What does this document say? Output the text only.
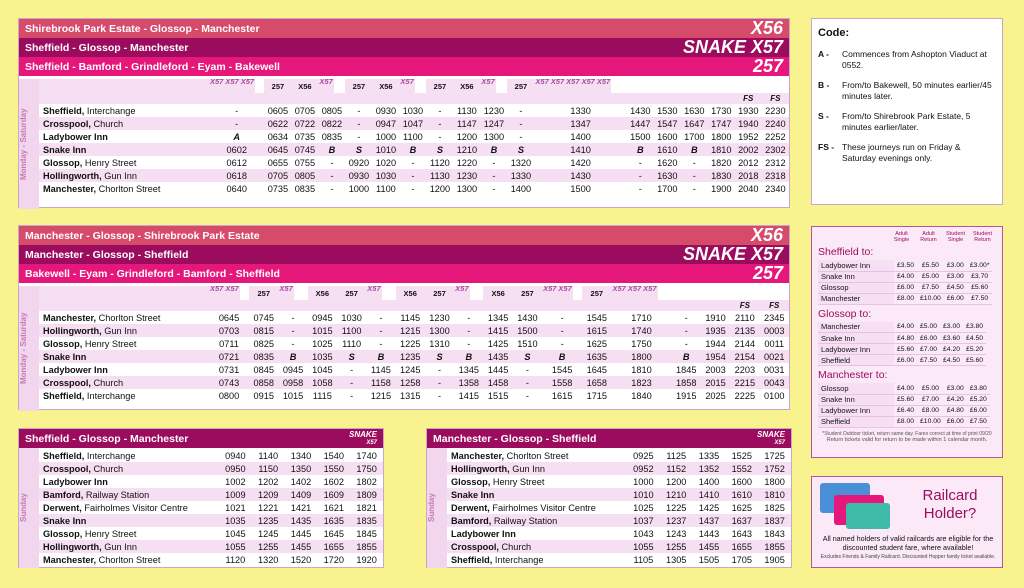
Shirebrook Park Estate - Glossop - Manchester	X56
Sheffield - Glossop - Manchester	SNAKE X57
Sheffield - Bamford - Grindleford - Eyam - Bakewell	257
Monday - Saturday
	X57 X57 X57 257	X56	X57	257	X56	X57	257	X56	X57	257	X57 X57 X57 X57 X57
																	FS	FS
Sheffield, Interchange	-	0605	0705	0805	-	0930	1030	-	1130	1230	-	1330	1430	1530	1630	1730	1930	2230
Crosspool, Church	-	0622	0722	0822	-	0947	1047	-	1147	1247	-	1347	1447	1547	1647	1747	1940	2240
Ladybower Inn	A	0634	0735	0835	-	1000	1100	-	1200	1300	-	1400	1500	1600	1700	1800	1952	2252
Snake Inn	0602	0645	0745	B	S	1010	B	S	1210	B	S	1410	B	1610	B	1810	2002	2302
Glossop, Henry Street	0612	0655	0755	-	0920	1020	-	1120	1220	-	1320	1420	-	1620	-	1820	2012	2312
Hollingworth, Gun Inn	0618	0705	0805	-	0930	1030	-	1130	1230	-	1330	1430	-	1630	-	1830	2018	2318
Manchester, Chorlton Street	0640	0735	0835	-	1000	1100	-	1200	1300	-	1400	1500	-	1700	-	1900	2040	2340
Manchester - Glossop - Shirebrook Park Estate	X56
Manchester - Glossop - Sheffield	SNAKE X57
Bakewell - Eyam - Grindleford - Bamford - Sheffield	257
Monday - Saturday
	X57 X57	257	X57	X56	257	X57	X56	257	X57	X56	257	X57 X57	257	X57 X57 X57
																	FS	FS
Manchester, Chorlton Street	0645	0745	-	0945	1030	-	1145	1230	-	1345	1430	-	1545	1710	-	1910	2110	2345
Hollingworth, Gun Inn	0703	0815	-	1015	1100	-	1215	1300	-	1415	1500	-	1615	1740	-	1935	2135	0003
Glossop, Henry Street	0711	0825	-	1025	1110	-	1225	1310	-	1425	1510	-	1625	1750	-	1944	2144	0011
Snake Inn	0721	0835	B	1035	S	B	1235	S	B	1435	S	B	1635	1800	B	1954	2154	0021
Ladybower Inn	0731	0845	0945	1045	-	1145	1245	-	1345	1445	-	1545	1645	1810	1845	2003	2203	0031
Crosspool, Church	0743	0858	0958	1058	-	1158	1258	-	1358	1458	-	1558	1658	1823	1858	2015	2215	0043
Sheffield, Interchange	0800	0915	1015	1115	-	1215	1315	-	1415	1515	-	1615	1715	1840	1915	2025	2225	0100
Sheffield - Glossop - Manchester	SNAKE
X57
Sunday
Sheffield, Interchange	0940	1140	1340	1540	1740
Crosspool, Church	0950	1150	1350	1550	1750
Ladybower Inn	1002	1202	1402	1602	1802
Bamford, Railway Station	1009	1209	1409	1609	1809
Derwent, Fairholmes Visitor Centre	1021	1221	1421	1621	1821
Snake Inn	1035	1235	1435	1635	1835
Glossop, Henry Street	1045	1245	1445	1645	1845
Hollingworth, Gun Inn	1055	1255	1455	1655	1855
Manchester, Chorlton Street	1120	1320	1520	1720	1920
Manchester - Glossop - Sheffield	SNAKE
X57
Sunday
Manchester, Chorlton Street	0925	1125	1335	1525	1725
Hollingworth, Gun Inn	0952	1152	1352	1552	1752
Glossop, Henry Street	1000	1200	1400	1600	1800
Snake Inn	1010	1210	1410	1610	1810
Derwent, Fairholmes Visitor Centre	1025	1225	1425	1625	1825
Bamford, Railway Station	1037	1237	1437	1637	1837
Ladybower Inn	1043	1243	1443	1643	1843
Crosspool, Church	1055	1255	1455	1655	1855
Sheffield, Interchange	1105	1305	1505	1705	1905
Code:
A -	Commences from Ashopton Viaduct at 0552.
B -	From/to Bakewell, 50 minutes earlier/45 minutes later.
S -	From/to Shirebrook Park Estate, 5 minutes earlier/later.
FS - These journeys run on Friday & Saturday evenings only.
Adult Single
Adult Return
Student Single
Student Return
Sheffield to:
Ladybower Inn	£3.50	£5.50	£3.00	£3.00*
Snake Inn	£4.00	£5.00	£3.00	£3.70
Glossop	£6.00	£7.50	£4.50	£5.60
Manchester	£8.00	£10.00	£6.00	£7.50
Glossop to:
Manchester	£4.00	£5.00	£3.00	£3.80
Snake Inn	£4.80	£6.00	£3.60	£4.50
Ladybower Inn	£5.60	£7.00	£4.20	£5.20
Sheffield	£6.00	£7.50	£4.50	£5.60
Manchester to:
Glossop	£4.00	£5.00	£3.00	£3.80
Snake Inn	£5.60	£7.00	£4.20	£5.20
Ladybower Inn	£6.40	£8.00	£4.80	£6.00
Sheffield	£8.00	£10.00	£6.00	£7.50
*Student Outdoor ticket, return same day. Fares correct at time of print 09/20
Return tickets valid for return to be made within 1 calendar month.
Railcard Holder?
All named holders of valid railcards are eligible for the discounted student fare, where available!
Excludes Friends & Family Railcard. Discounted Hopper family ticket available.
